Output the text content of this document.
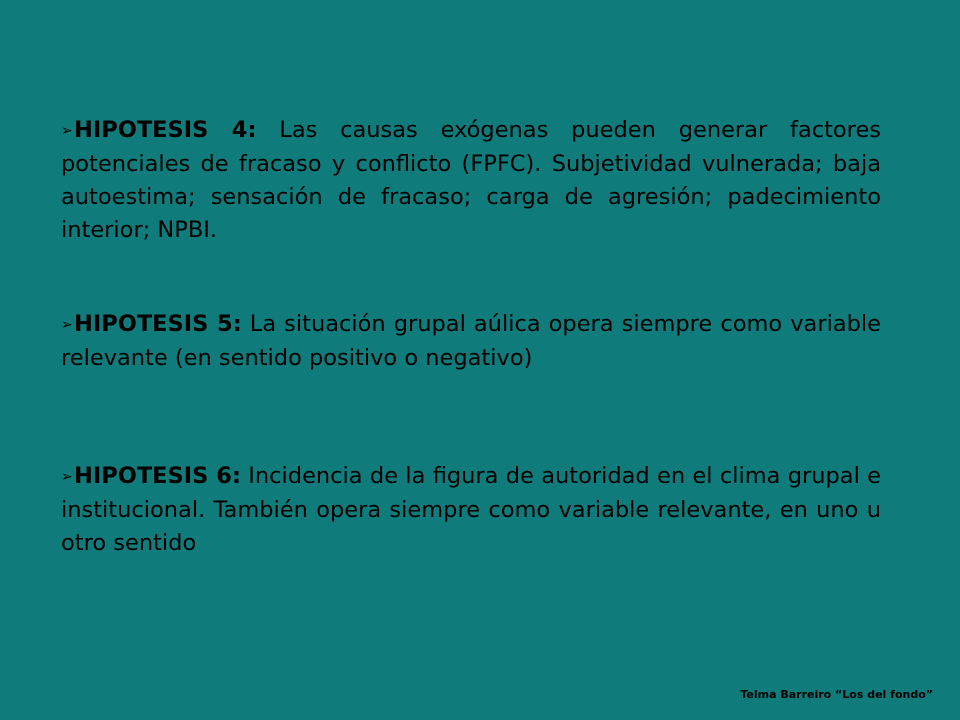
➢HIPOTESIS 4: Las causas exógenas pueden generar factores potenciales de fracaso y conflicto (FPFC). Subjetividad vulnerada; baja autoestima; sensación de fracaso; carga de agresión; padecimiento interior; NPBI.

➢HIPOTESIS 5: La situación grupal aúlica opera siempre como variable relevante (en sentido positivo o negativo)

➢HIPOTESIS 6: Incidencia de la figura de autoridad en el clima grupal e institucional. También opera siempre como variable relevante, en uno u otro sentido

Telma Barreiro “Los del fondo”
